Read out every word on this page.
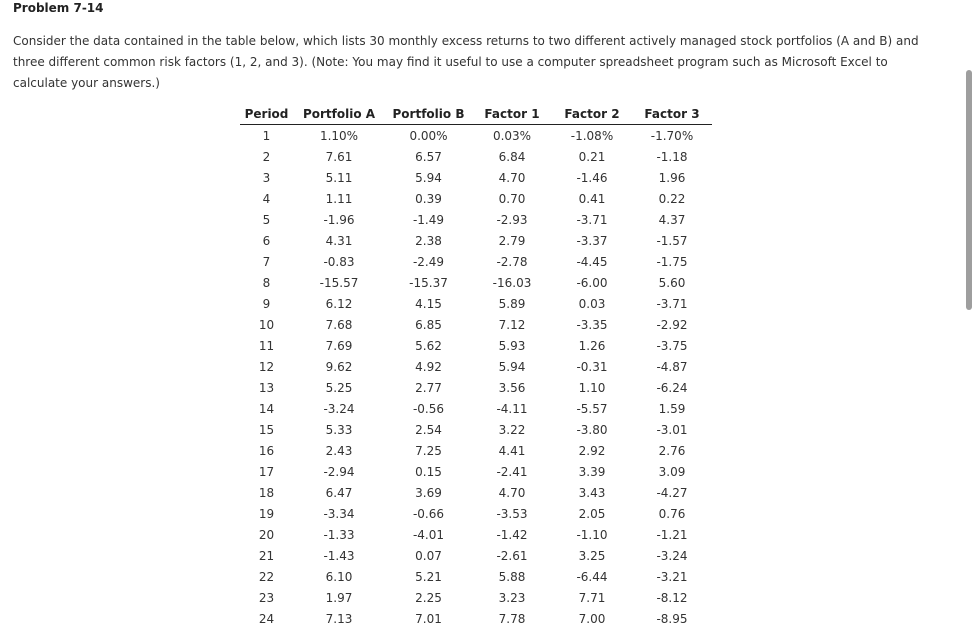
Problem 7-14
Consider the data contained in the table below, which lists 30 monthly excess returns to two different actively managed stock portfolios (A and B) and three different common risk factors (1, 2, and 3). (Note: You may find it useful to use a computer spreadsheet program such as Microsoft Excel to calculate your answers.)
Period	Portfolio A	Portfolio B	Factor 1	Factor 2	Factor 3
1	1.10%	0.00%	0.03%	-1.08%	-1.70%
2	7.61	6.57	6.84	0.21	-1.18
3	5.11	5.94	4.70	-1.46	1.96
4	1.11	0.39	0.70	0.41	0.22
5	-1.96	-1.49	-2.93	-3.71	4.37
6	4.31	2.38	2.79	-3.37	-1.57
7	-0.83	-2.49	-2.78	-4.45	-1.75
8	-15.57	-15.37	-16.03	-6.00	5.60
9	6.12	4.15	5.89	0.03	-3.71
10	7.68	6.85	7.12	-3.35	-2.92
11	7.69	5.62	5.93	1.26	-3.75
12	9.62	4.92	5.94	-0.31	-4.87
13	5.25	2.77	3.56	1.10	-6.24
14	-3.24	-0.56	-4.11	-5.57	1.59
15	5.33	2.54	3.22	-3.80	-3.01
16	2.43	7.25	4.41	2.92	2.76
17	-2.94	0.15	-2.41	3.39	3.09
18	6.47	3.69	4.70	3.43	-4.27
19	-3.34	-0.66	-3.53	2.05	0.76
20	-1.33	-4.01	-1.42	-1.10	-1.21
21	-1.43	0.07	-2.61	3.25	-3.24
22	6.10	5.21	5.88	-6.44	-3.21
23	1.97	2.25	3.23	7.71	-8.12
24	7.13	7.01	7.78	7.00	-8.95
